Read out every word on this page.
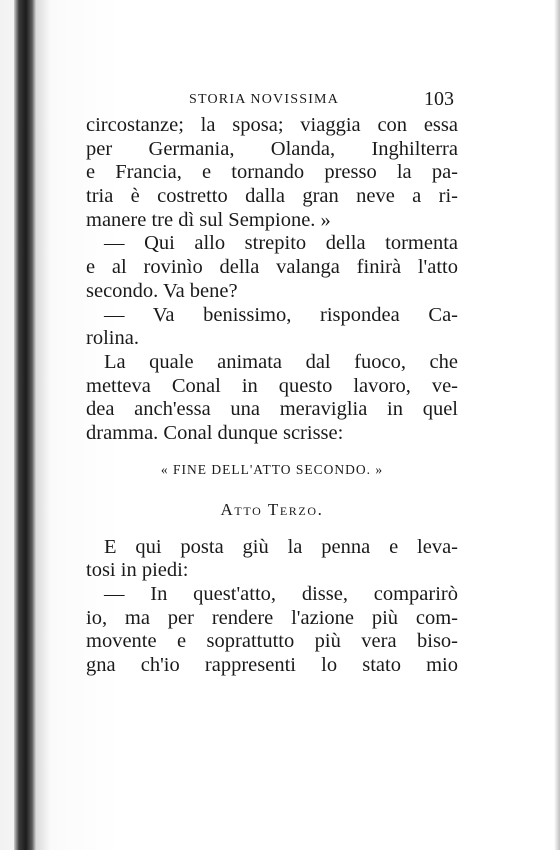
STORIA NOVISSIMA	103
circostanze; la sposa; viaggia con essa
per Germania, Olanda, Inghilterra
e Francia, e tornando presso la pa-
tria è costretto dalla gran neve a ri-
manere tre dì sul Sempione. »
— Qui allo strepito della tormenta
e al rovinìo della valanga finirà l'atto
secondo. Va bene?
— Va benissimo, rispondea Ca-
rolina.
La quale animata dal fuoco, che
metteva Conal in questo lavoro, ve-
dea anch'essa una meraviglia in quel
dramma. Conal dunque scrisse:
« FINE DELL'ATTO SECONDO. »
Atto Terzo.
E qui posta giù la penna e leva-
tosi in piedi:
— In quest'atto, disse, comparirò
io, ma per rendere l'azione più com-
movente e soprattutto più vera biso-
gna ch'io rappresenti lo stato mio
